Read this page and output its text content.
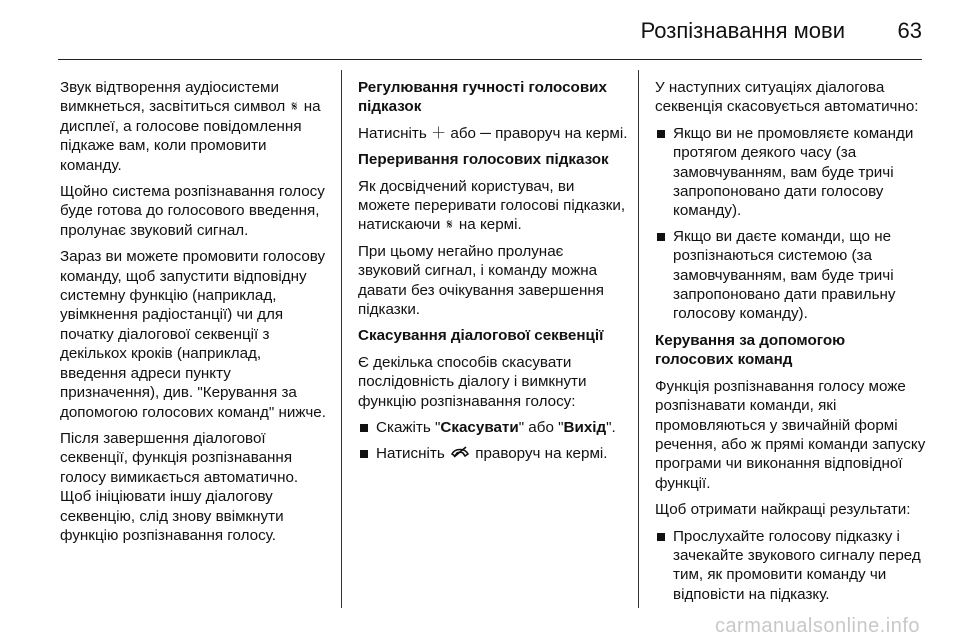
Розпізнавання мови 63

Звук відтворення аудіосистеми вимкнеться, засвітиться символ 𝄋 на дисплеї, а голосове повідомлення підкаже вам, коли промовити команду.

Щойно система розпізнавання голосу буде готова до голосового введення, пролунає звуковий сигнал.

Зараз ви можете промовити голосову команду, щоб запустити відповідну системну функцію (наприклад, увімкнення радіостанції) чи для початку діалогової секвенції з декількох кроків (наприклад, введення адреси пункту призначення), див. "Керування за допомогою голосових команд" нижче.

Після завершення діалогової секвенції, функція розпізнавання голосу вимикається автоматично. Щоб ініціювати іншу діалогову секвенцію, слід знову ввімкнути функцію розпізнавання голосу.

Регулювання гучності голосових підказок

Натисніть ＋ або ─ праворуч на кермі.

Переривання голосових підказок

Як досвідчений користувач, ви можете переривати голосові підказки, натискаючи 𝄋 на кермі.

При цьому негайно пролунає звуковий сигнал, і команду можна давати без очікування завершення підказки.

Скасування діалогової секвенції

Є декілька способів скасувати послідовність діалогу і вимкнути функцію розпізнавання голосу:

Скажіть "Скасувати" або "Вихід".
Натисніть праворуч на кермі.

У наступних ситуаціях діалогова секвенція скасовується автоматично:

Якщо ви не промовляєте команди протягом деякого часу (за замовчуванням, вам буде тричі запропоновано дати голосову команду).
Якщо ви даєте команди, що не розпізнаються системою (за замовчуванням, вам буде тричі запропоновано дати правильну голосову команду).

Керування за допомогою голосових команд

Функція розпізнавання голосу може розпізнавати команди, які промовляються у звичайній формі речення, або ж прямі команди запуску програми чи виконання відповідної функції.

Щоб отримати найкращі результати:

Прослухайте голосову підказку і зачекайте звукового сигналу перед тим, як промовити команду чи відповісти на підказку.
carmanualsonline.info
